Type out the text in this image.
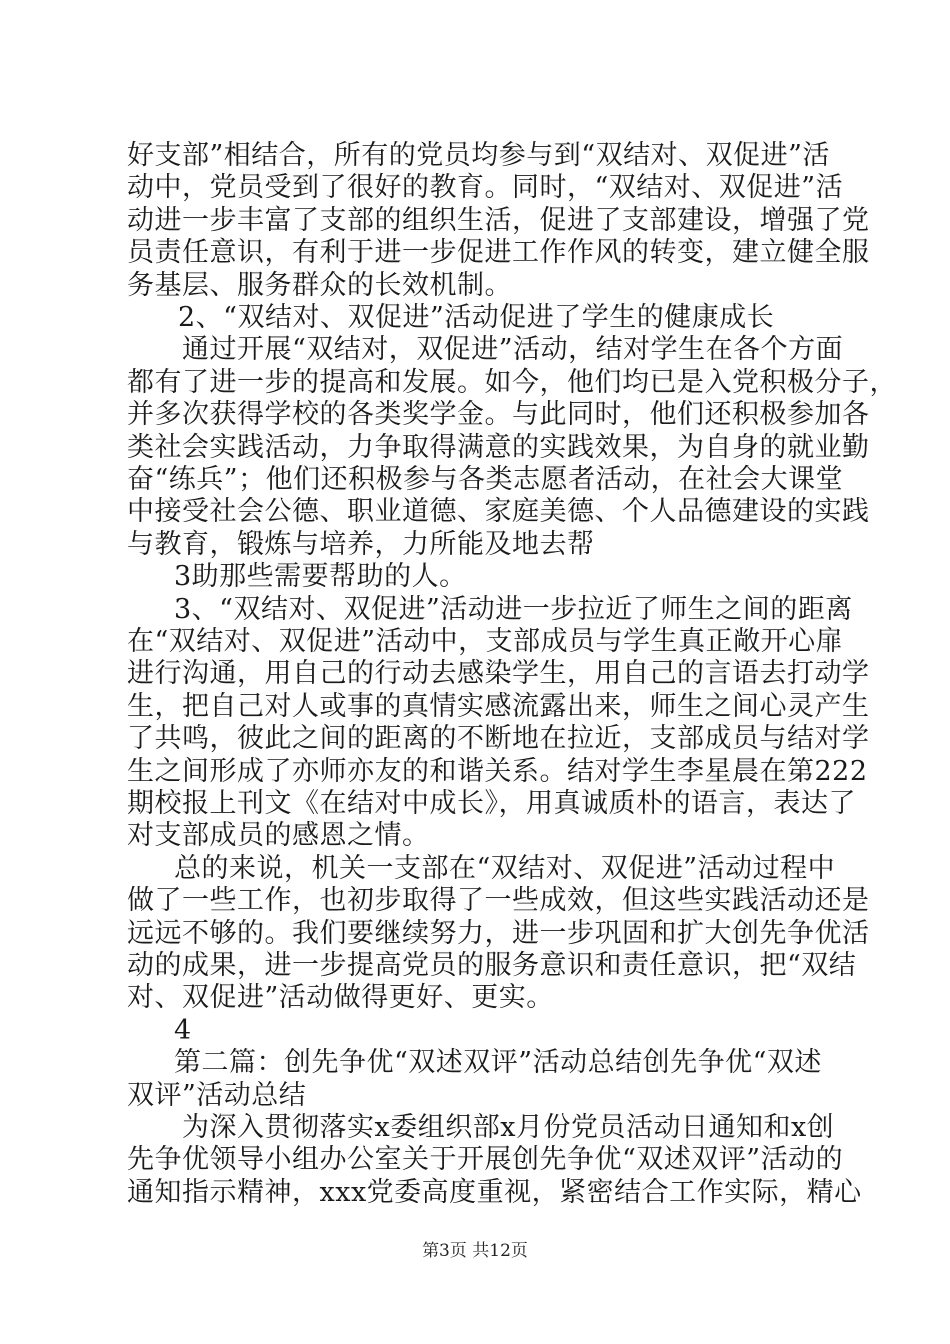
好支部”相结合，所有的党员均参与到“双结对、双促进”活
动中，党员受到了很好的教育。同时，“双结对、双促进”活
动进一步丰富了支部的组织生活，促进了支部建设，增强了党
员责任意识，有利于进一步促进工作作风的转变，建立健全服
务基层、服务群众的长效机制。
2、“双结对、双促进”活动促进了学生的健康成长
通过开展“双结对，双促进”活动，结对学生在各个方面
都有了进一步的提高和发展。如今，他们均已是入党积极分子，
并多次获得学校的各类奖学金。与此同时，他们还积极参加各
类社会实践活动，力争取得满意的实践效果，为自身的就业勤
奋“练兵”；他们还积极参与各类志愿者活动，在社会大课堂
中接受社会公德、职业道德、家庭美德、个人品德建设的实践
与教育，锻炼与培养，力所能及地去帮
3助那些需要帮助的人。
3、“双结对、双促进”活动进一步拉近了师生之间的距离
在“双结对、双促进”活动中，支部成员与学生真正敞开心扉
进行沟通，用自己的行动去感染学生，用自己的言语去打动学
生，把自己对人或事的真情实感流露出来，师生之间心灵产生
了共鸣，彼此之间的距离的不断地在拉近，支部成员与结对学
生之间形成了亦师亦友的和谐关系。结对学生李星晨在第222
期校报上刊文《在结对中成长》，用真诚质朴的语言，表达了
对支部成员的感恩之情。
总的来说，机关一支部在“双结对、双促进”活动过程中
做了一些工作，也初步取得了一些成效，但这些实践活动还是
远远不够的。我们要继续努力，进一步巩固和扩大创先争优活
动的成果，进一步提高党员的服务意识和责任意识，把“双结
对、双促进”活动做得更好、更实。
4
第二篇：创先争优“双述双评”活动总结创先争优“双述
双评”活动总结
为深入贯彻落实x委组织部x月份党员活动日通知和x创
先争优领导小组办公室关于开展创先争优“双述双评”活动的
通知指示精神，xxx党委高度重视，紧密结合工作实际，精心
第3页 共12页
